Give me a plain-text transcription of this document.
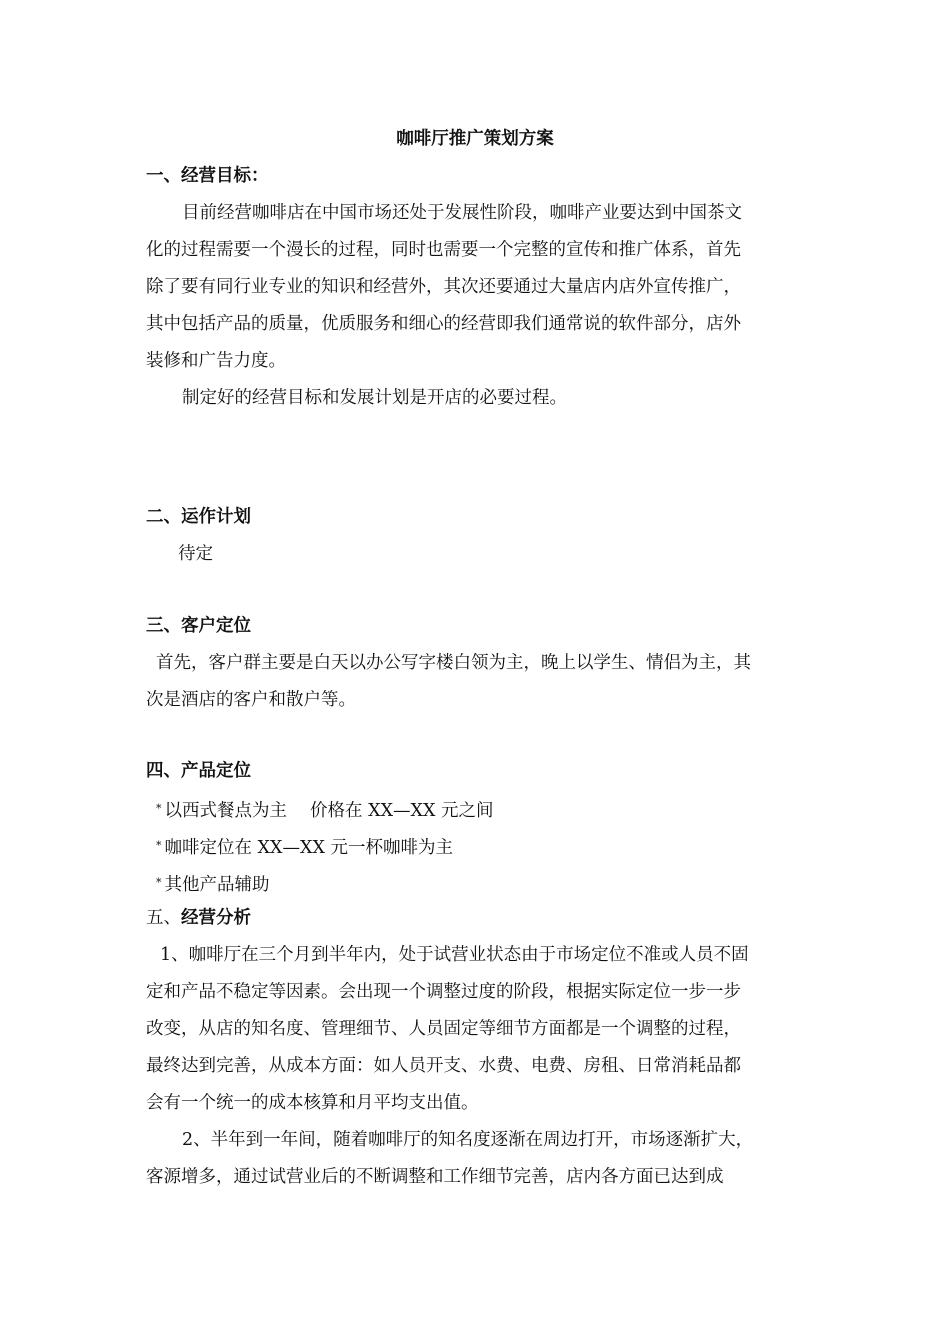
咖啡厅推广策划方案
一、经营目标：
目前经营咖啡店在中国市场还处于发展性阶段，咖啡产业要达到中国茶文
化的过程需要一个漫长的过程，同时也需要一个完整的宣传和推广体系，首先
除了要有同行业专业的知识和经营外，其次还要通过大量店内店外宣传推广，
其中包括产品的质量，优质服务和细心的经营即我们通常说的软件部分，店外
装修和广告力度。
制定好的经营目标和发展计划是开店的必要过程。
二、运作计划
待定
三、客户定位
首先，客户群主要是白天以办公写字楼白领为主，晚上以学生、情侣为主，其
次是酒店的客户和散户等。
四、产品定位
* 以西式餐点为主　 价格在 XX—XX 元之间
* 咖啡定位在 XX—XX 元一杯咖啡为主
* 其他产品辅助
五、经营分析
1、咖啡厅在三个月到半年内，处于试营业状态由于市场定位不准或人员不固
定和产品不稳定等因素。会出现一个调整过度的阶段，根据实际定位一步一步
改变，从店的知名度、管理细节、人员固定等细节方面都是一个调整的过程，
最终达到完善，从成本方面：如人员开支、水费、电费、房租、日常消耗品都
会有一个统一的成本核算和月平均支出值。
2、半年到一年间，随着咖啡厅的知名度逐渐在周边打开，市场逐渐扩大，
客源增多，通过试营业后的不断调整和工作细节完善，店内各方面已达到成
